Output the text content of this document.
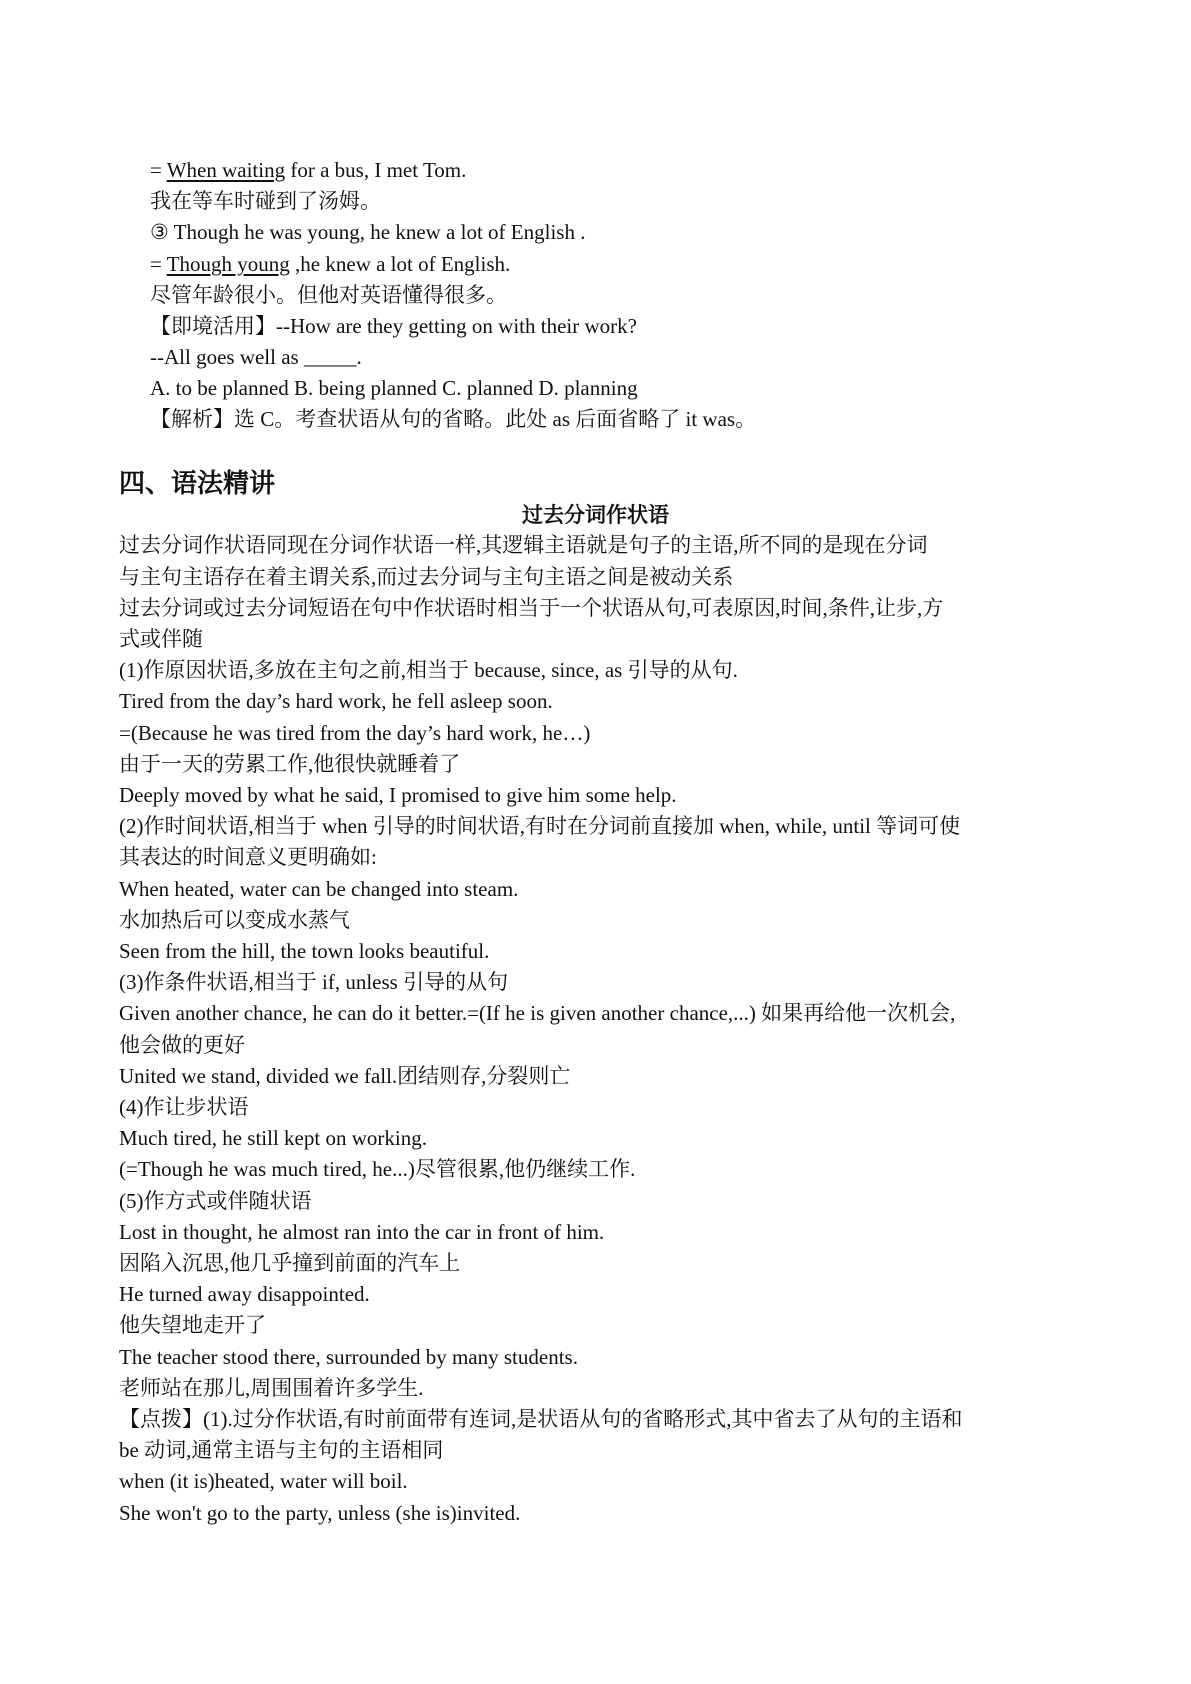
= When waiting for a bus, I met Tom.
我在等车时碰到了汤姆。
③ Though he was young, he knew a lot of English .
= Though young ,he knew a lot of English.
尽管年龄很小。但他对英语懂得很多。
【即境活用】--How are they getting on with their work?
--All goes well as _____.
A. to be planned B. being planned C. planned D. planning
【解析】选 C。考查状语从句的省略。此处 as 后面省略了 it was。
四、语法精讲
过去分词作状语
过去分词作状语同现在分词作状语一样,其逻辑主语就是句子的主语,所不同的是现在分词
与主句主语存在着主谓关系,而过去分词与主句主语之间是被动关系
过去分词或过去分词短语在句中作状语时相当于一个状语从句,可表原因,时间,条件,让步,方
式或伴随
(1)作原因状语,多放在主句之前,相当于 because, since, as 引导的从句.
Tired from the day’s hard work, he fell asleep soon.
=(Because he was tired from the day’s hard work, he…)
由于一天的劳累工作,他很快就睡着了
Deeply moved by what he said, I promised to give him some help.
(2)作时间状语,相当于 when 引导的时间状语,有时在分词前直接加 when, while, until 等词可使
其表达的时间意义更明确如:
When heated, water can be changed into steam.
水加热后可以变成水蒸气
Seen from the hill, the town looks beautiful.
(3)作条件状语,相当于 if, unless 引导的从句
Given another chance, he can do it better.=(If he is given another chance,...) 如果再给他一次机会,
他会做的更好
United we stand, divided we fall.团结则存,分裂则亡
(4)作让步状语
Much tired, he still kept on working.
(=Though he was much tired, he...)尽管很累,他仍继续工作.
(5)作方式或伴随状语
Lost in thought, he almost ran into the car in front of him.
因陷入沉思,他几乎撞到前面的汽车上
He turned away disappointed.
他失望地走开了
The teacher stood there, surrounded by many students.
老师站在那儿,周围围着许多学生.
【点拨】(1).过分作状语,有时前面带有连词,是状语从句的省略形式,其中省去了从句的主语和
be 动词,通常主语与主句的主语相同
when (it is)heated, water will boil.
She won't go to the party, unless (she is)invited.
